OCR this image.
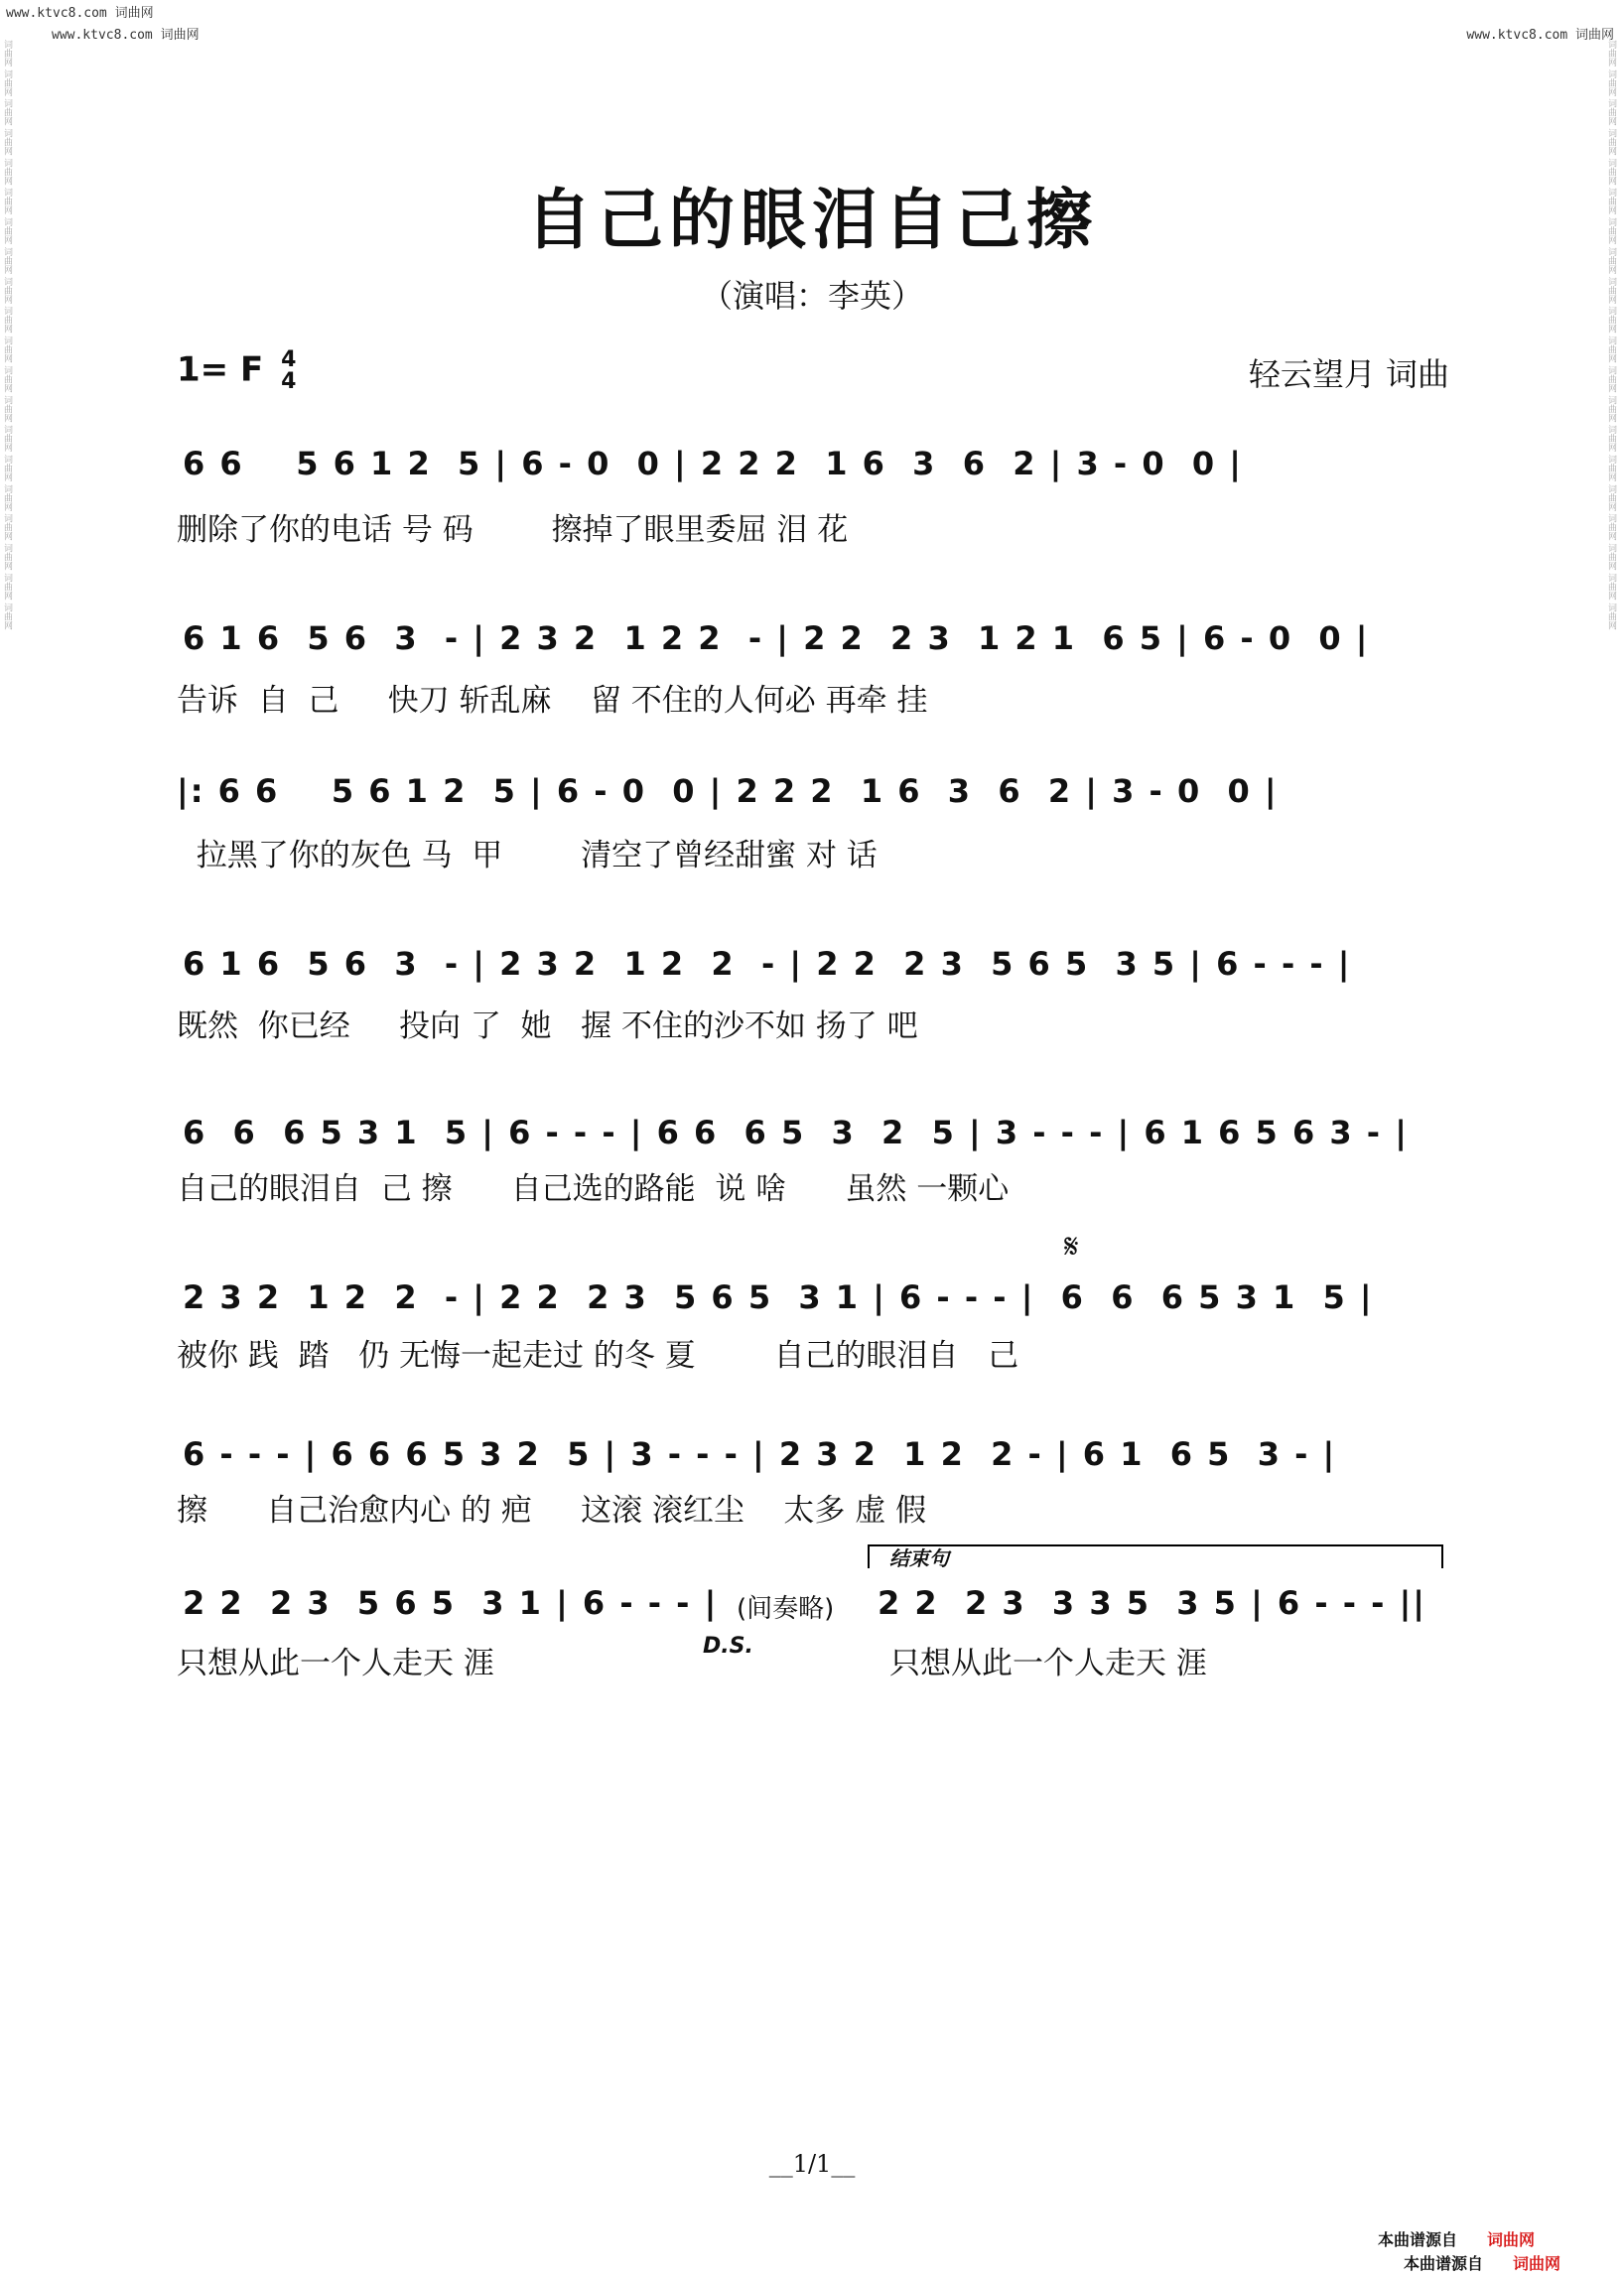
www.ktvc8.com 词曲网
www.ktvc8.com 词曲网	www.ktvc8.com 词曲网
词曲网 词曲网 词曲网 词曲网 词曲网 词曲网 词曲网 词曲网 词曲网 词曲网 词曲网 词曲网 词曲网 词曲网 词曲网 词曲网 词曲网 词曲网 词曲网 词曲网	词曲网 词曲网 词曲网 词曲网 词曲网 词曲网 词曲网 词曲网 词曲网 词曲网 词曲网 词曲网 词曲网 词曲网 词曲网 词曲网 词曲网 词曲网 词曲网 词曲网
自己的眼泪自己擦
（演唱：李英）
1= F 4
4	轻云望月 词曲
6 6    5 6 1 2  5 | 6 - 0  0 | 2 2 2  1 6  3  6  2 | 3 - 0  0 |
删除了你的电话 号 码        擦掉了眼里委屈 泪 花
6 1 6  5 6  3  - | 2 3 2  1 2 2  - | 2 2  2 3  1 2 1  6 5 | 6 - 0  0 |
告诉  自  己     快刀 斩乱麻    留 不住的人何必 再牵 挂
|: 6 6    5 6 1 2  5 | 6 - 0  0 | 2 2 2  1 6  3  6  2 | 3 - 0  0 |
拉黑了你的灰色 马  甲        清空了曾经甜蜜 对 话
6 1 6  5 6  3  - | 2 3 2  1 2  2  - | 2 2  2 3  5 6 5  3 5 | 6 - - - |
既然  你已经     投向 了  她   握 不住的沙不如 扬了 吧
6  6  6 5 3 1  5 | 6 - - - | 6 6  6 5  3  2  5 | 3 - - - | 6 1 6 5 6 3 - |
自己的眼泪自  己 擦      自己选的路能  说 啥      虽然 一颗心
𝄋
2 3 2  1 2  2  - | 2 2  2 3  5 6 5  3 1 | 6 - - - |  6  6  6 5 3 1  5 |
被你 践  踏   仍 无悔一起走过 的冬 夏        自己的眼泪自   己
6 - - - | 6 6 6 5 3 2  5 | 3 - - - | 2 3 2  1 2  2 - | 6 1  6 5  3 - |
擦      自己治愈内心 的 疤     这滚 滚红尘    太多 虚 假
结束句
2 2  2 3  5 6 5  3 1 | 6 - - - | (间奏略) 2 2  2 3  3 3 5  3 5 | 6 - - - ||
只想从此一个人走天 涯	D.S.	只想从此一个人走天 涯
__1/1__
本曲谱源自 词曲网
本曲谱源自 词曲网
